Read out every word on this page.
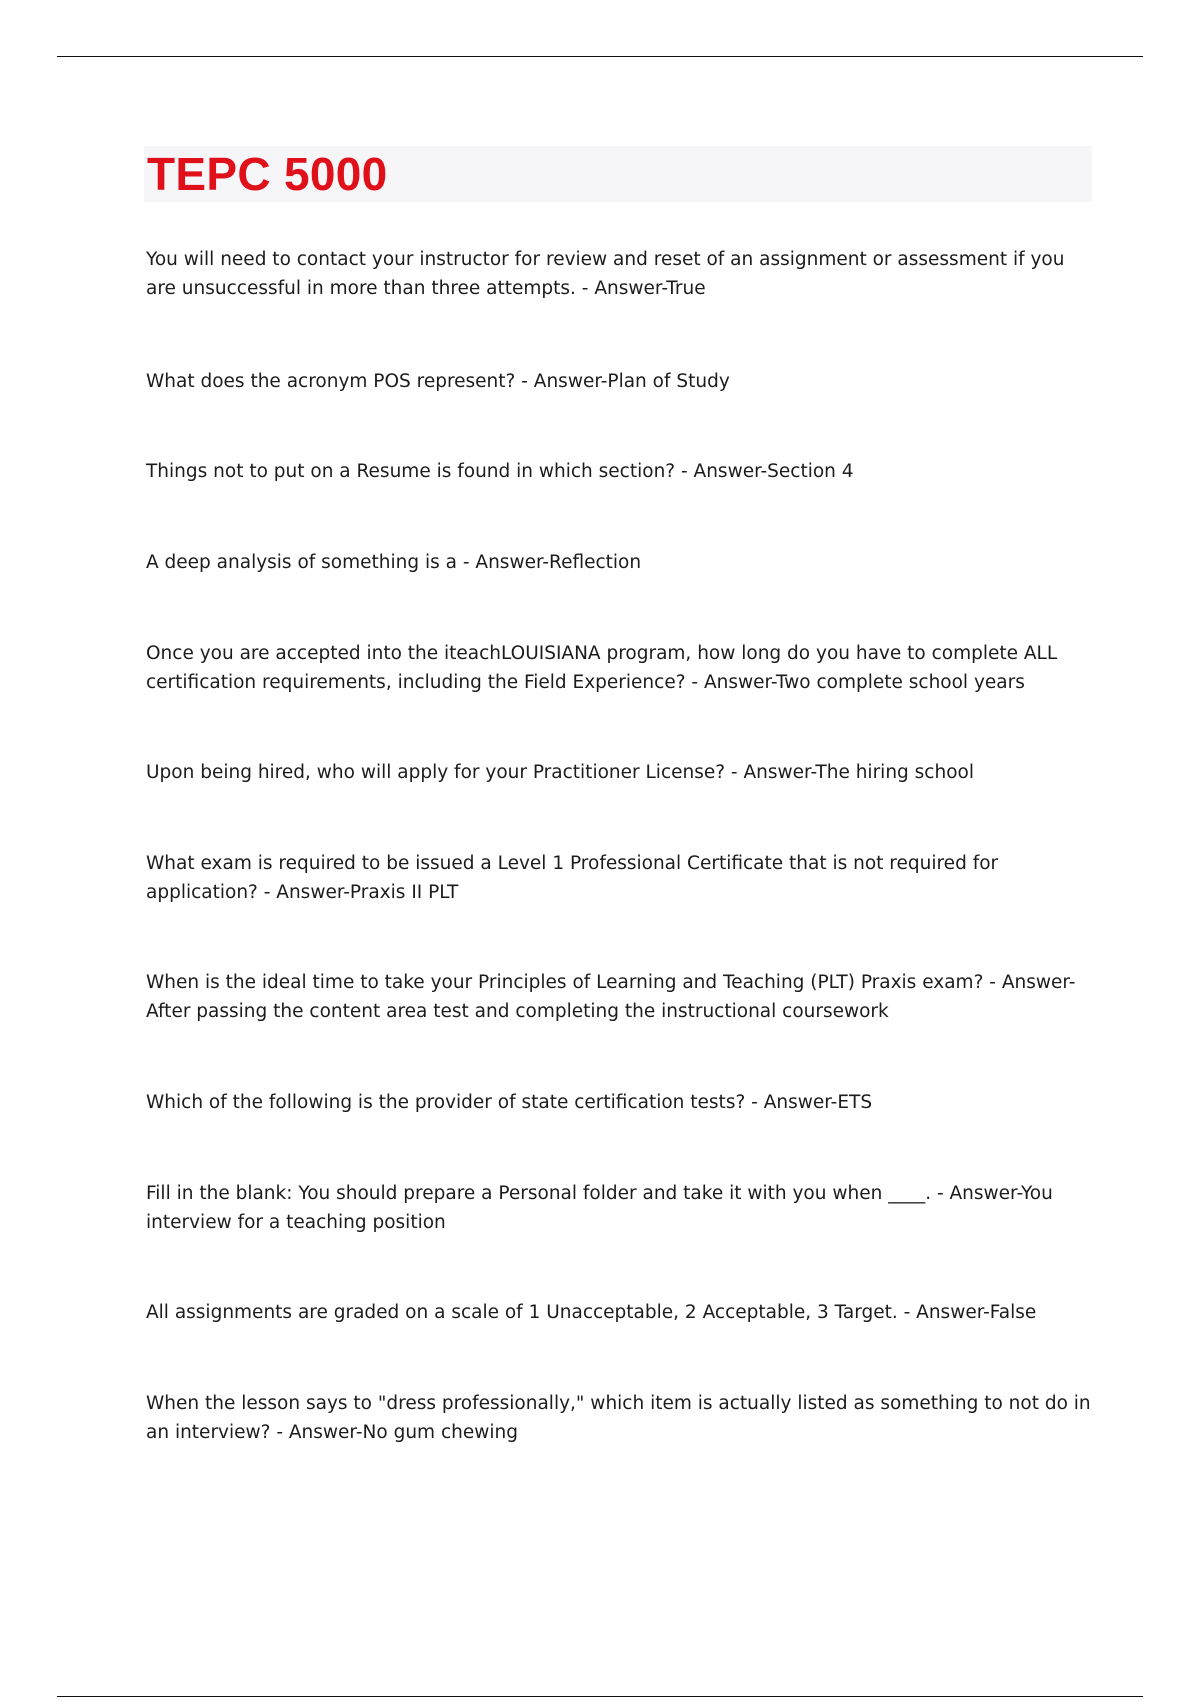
TEPC 5000

You will need to contact your instructor for review and reset of an assignment or assessment if you are unsuccessful in more than three attempts. - Answer-True

What does the acronym POS represent? - Answer-Plan of Study

Things not to put on a Resume is found in which section? - Answer-Section 4

A deep analysis of something is a - Answer-Reflection

Once you are accepted into the iteachLOUISIANA program, how long do you have to complete ALL certification requirements, including the Field Experience? - Answer-Two complete school years

Upon being hired, who will apply for your Practitioner License? - Answer-The hiring school

What exam is required to be issued a Level 1 Professional Certificate that is not required for application? - Answer-Praxis II PLT

When is the ideal time to take your Principles of Learning and Teaching (PLT) Praxis exam? - Answer-After passing the content area test and completing the instructional coursework

Which of the following is the provider of state certification tests? - Answer-ETS

Fill in the blank: You should prepare a Personal folder and take it with you when ____. - Answer-You interview for a teaching position

All assignments are graded on a scale of 1 Unacceptable, 2 Acceptable, 3 Target. - Answer-False

When the lesson says to "dress professionally," which item is actually listed as something to not do in an interview? - Answer-No gum chewing
